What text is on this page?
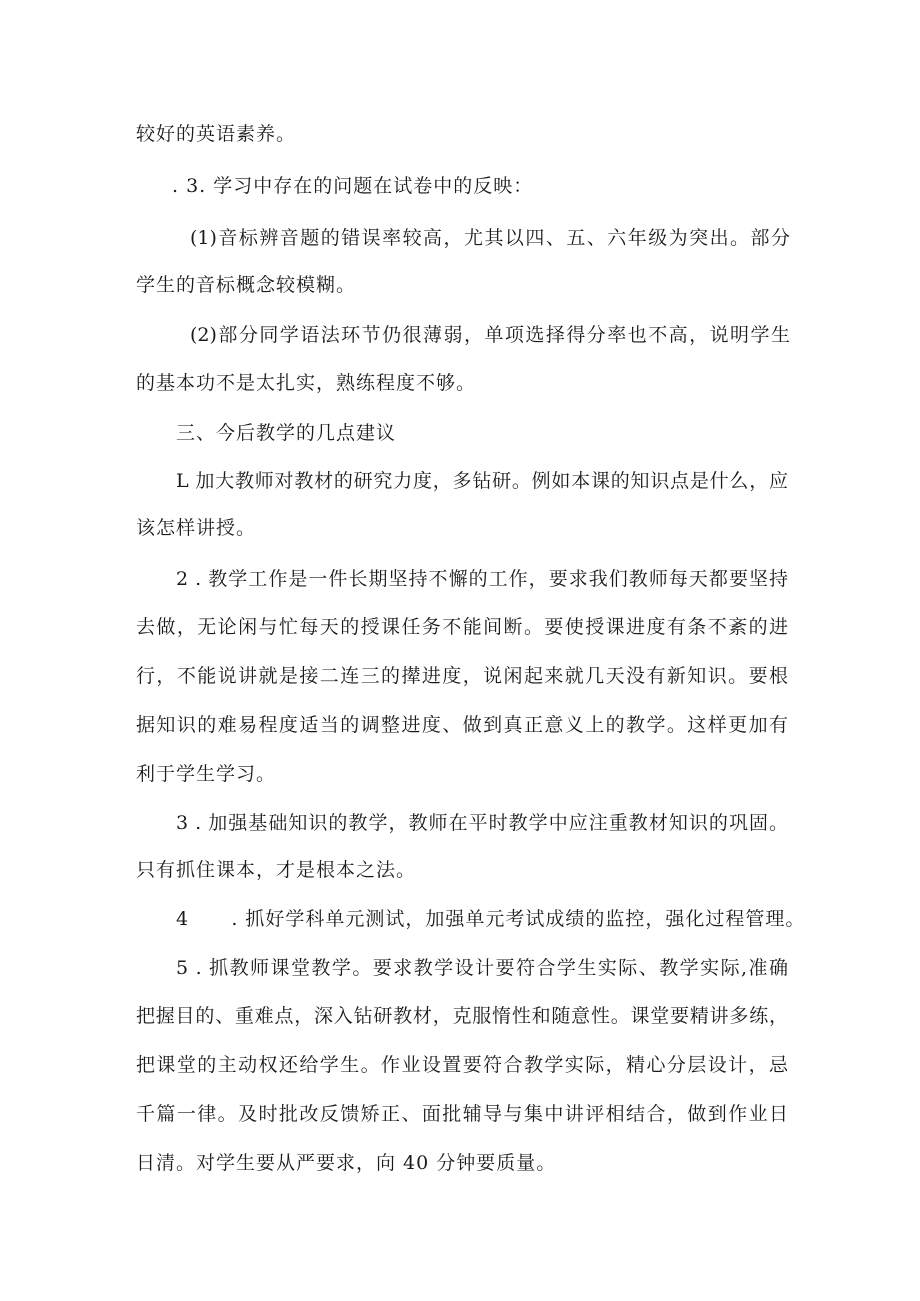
较好的英语素养。
. 3. 学习中存在的问题在试卷中的反映：
(1)音标辨音题的错误率较高，尤其以四、五、六年级为突出。部分
学生的音标概念较模糊。
(2)部分同学语法环节仍很薄弱，单项选择得分率也不高，说明学生
的基本功不是太扎实，熟练程度不够。
三、今后教学的几点建议
L 加大教师对教材的研究力度，多钻研。例如本课的知识点是什么，应
该怎样讲授。
2 . 教学工作是一件长期坚持不懈的工作，要求我们教师每天都要坚持
去做，无论闲与忙每天的授课任务不能间断。要使授课进度有条不紊的进
行，不能说讲就是接二连三的撵进度，说闲起来就几天没有新知识。要根
据知识的难易程度适当的调整进度、做到真正意义上的教学。这样更加有
利于学生学习。
3 . 加强基础知识的教学，教师在平时教学中应注重教材知识的巩固。
只有抓住课本，才是根本之法。
4      . 抓好学科单元测试，加强单元考试成绩的监控，强化过程管理。
5 . 抓教师课堂教学。要求教学设计要符合学生实际、教学实际,准确
把握目的、重难点，深入钻研教材，克服惰性和随意性。课堂要精讲多练，
把课堂的主动权还给学生。作业设置要符合教学实际，精心分层设计，忌
千篇一律。及时批改反馈矫正、面批辅导与集中讲评相结合，做到作业日
日清。对学生要从严要求，向 40 分钟要质量。
